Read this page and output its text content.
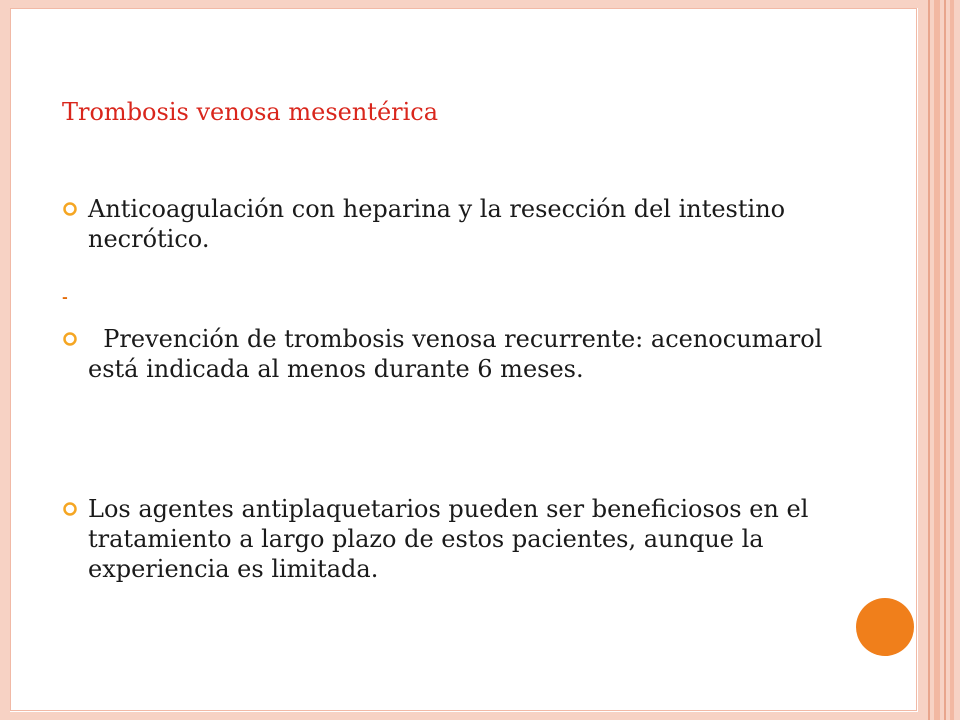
Trombosis venosa mesentérica
Anticoagulación con heparina y la resección del intestino necrótico.
-
Prevención de trombosis venosa recurrente: acenocumarol  está indicada al menos durante 6 meses.
Los agentes antiplaquetarios pueden ser beneficiosos en el tratamiento a largo plazo de estos pacientes, aunque la experiencia es limitada.
